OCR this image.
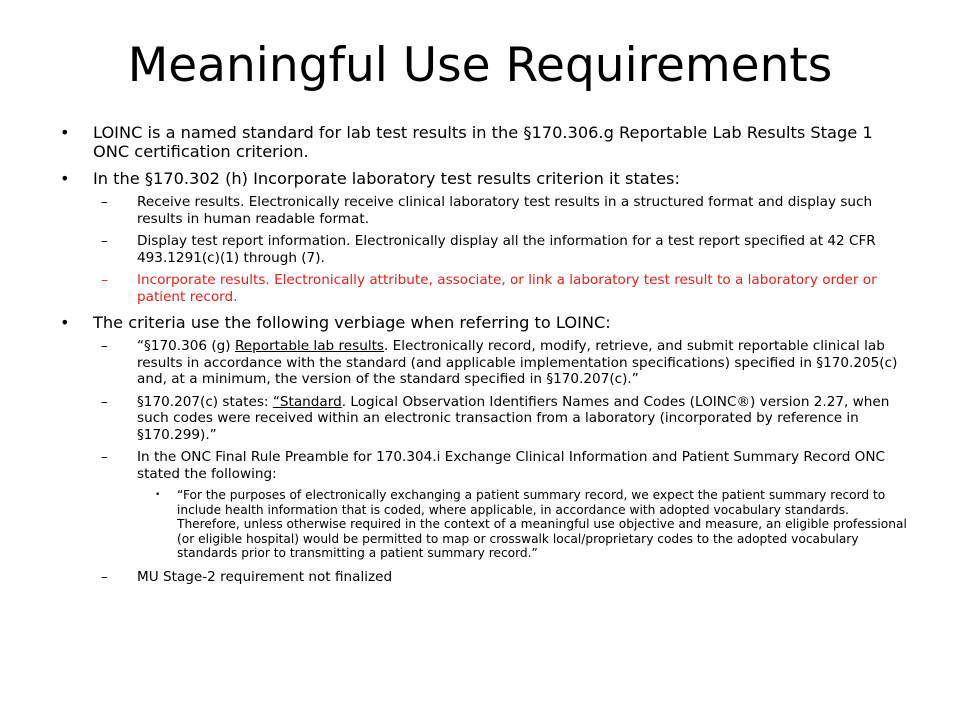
Meaningful Use Requirements
• LOINC is a named standard for lab test results in the §170.306.g Reportable Lab Results Stage 1 ONC certification criterion.
• In the §170.302 (h) Incorporate laboratory test results criterion it states:
–	Receive results. Electronically receive clinical laboratory test results in a structured format and display such results in human readable format.
–	Display test report information. Electronically display all the information for a test report specified at 42 CFR 493.1291(c)(1) through (7).
–	Incorporate results. Electronically attribute, associate, or link a laboratory test result to a laboratory order or patient record.
• The criteria use the following verbiage when referring to LOINC:
–	“§170.306 (g) Reportable lab results. Electronically record, modify, retrieve, and submit reportable clinical lab results in accordance with the standard (and applicable implementation specifications) specified in §170.205(c) and, at a minimum, the version of the standard specified in §170.207(c).”
–	§170.207(c) states: “Standard. Logical Observation Identifiers Names and Codes (LOINC®) version 2.27, when such codes were received within an electronic transaction from a laboratory (incorporated by reference in §170.299).”
–	In the ONC Final Rule Preamble for 170.304.i Exchange Clinical Information and Patient Summary Record ONC stated the following:
•	“For the purposes of electronically exchanging a patient summary record, we expect the patient summary record to include health information that is coded, where applicable, in accordance with adopted vocabulary standards. Therefore, unless otherwise required in the context of a meaningful use objective and measure, an eligible professional (or eligible hospital) would be permitted to map or crosswalk local/proprietary codes to the adopted vocabulary standards prior to transmitting a patient summary record.”
–	MU Stage-2 requirement not finalized
